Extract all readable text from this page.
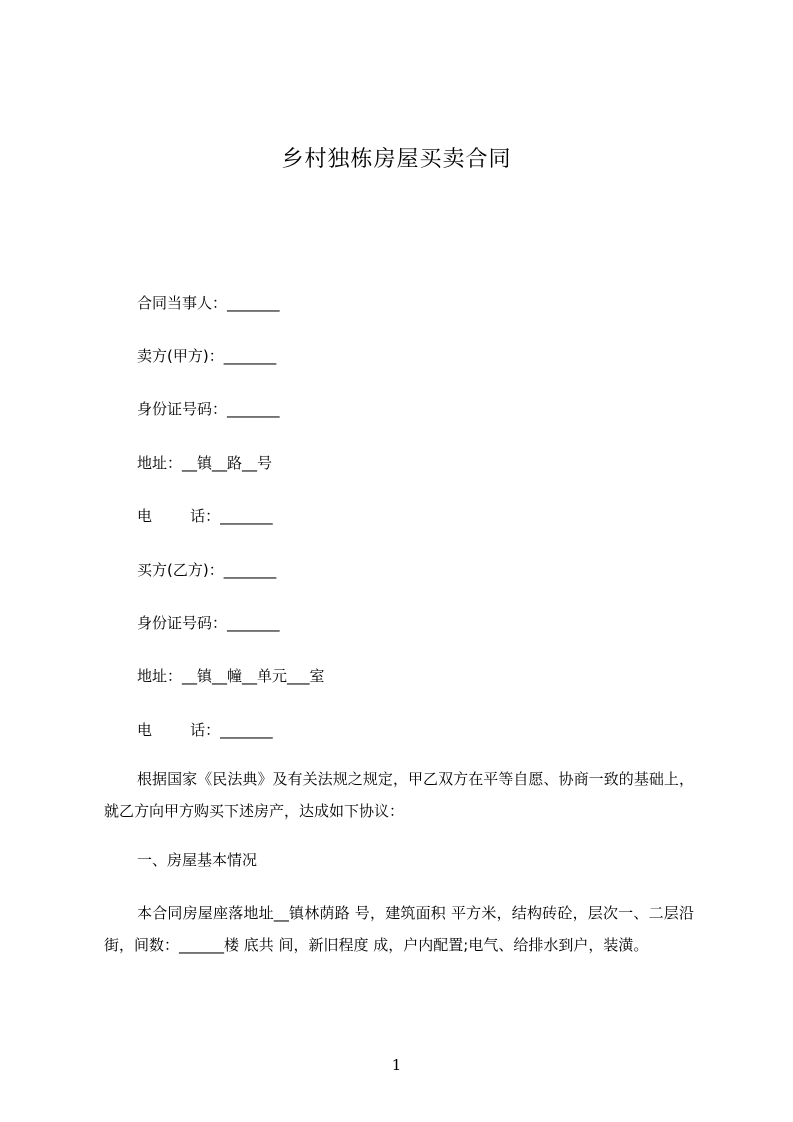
乡村独栋房屋买卖合同
合同当事人：_______
卖方(甲方)：_______
身份证号码：_______
地址：__镇__路__号
电        话：_______
买方(乙方)：_______
身份证号码：_______
地址：__镇__幢__单元___室
电        话：_______

根据国家《民法典》及有关法规之规定，甲乙双方在平等自愿、协商一致的基础上，就乙方向甲方购买下述房产，达成如下协议：

一、房屋基本情况

本合同房屋座落地址__镇林荫路 号，建筑面积 平方米，结构砖砼，层次一、二层沿街，间数：______楼 底共 间，新旧程度 成，户内配置;电气、给排水到户，装潢。

1
